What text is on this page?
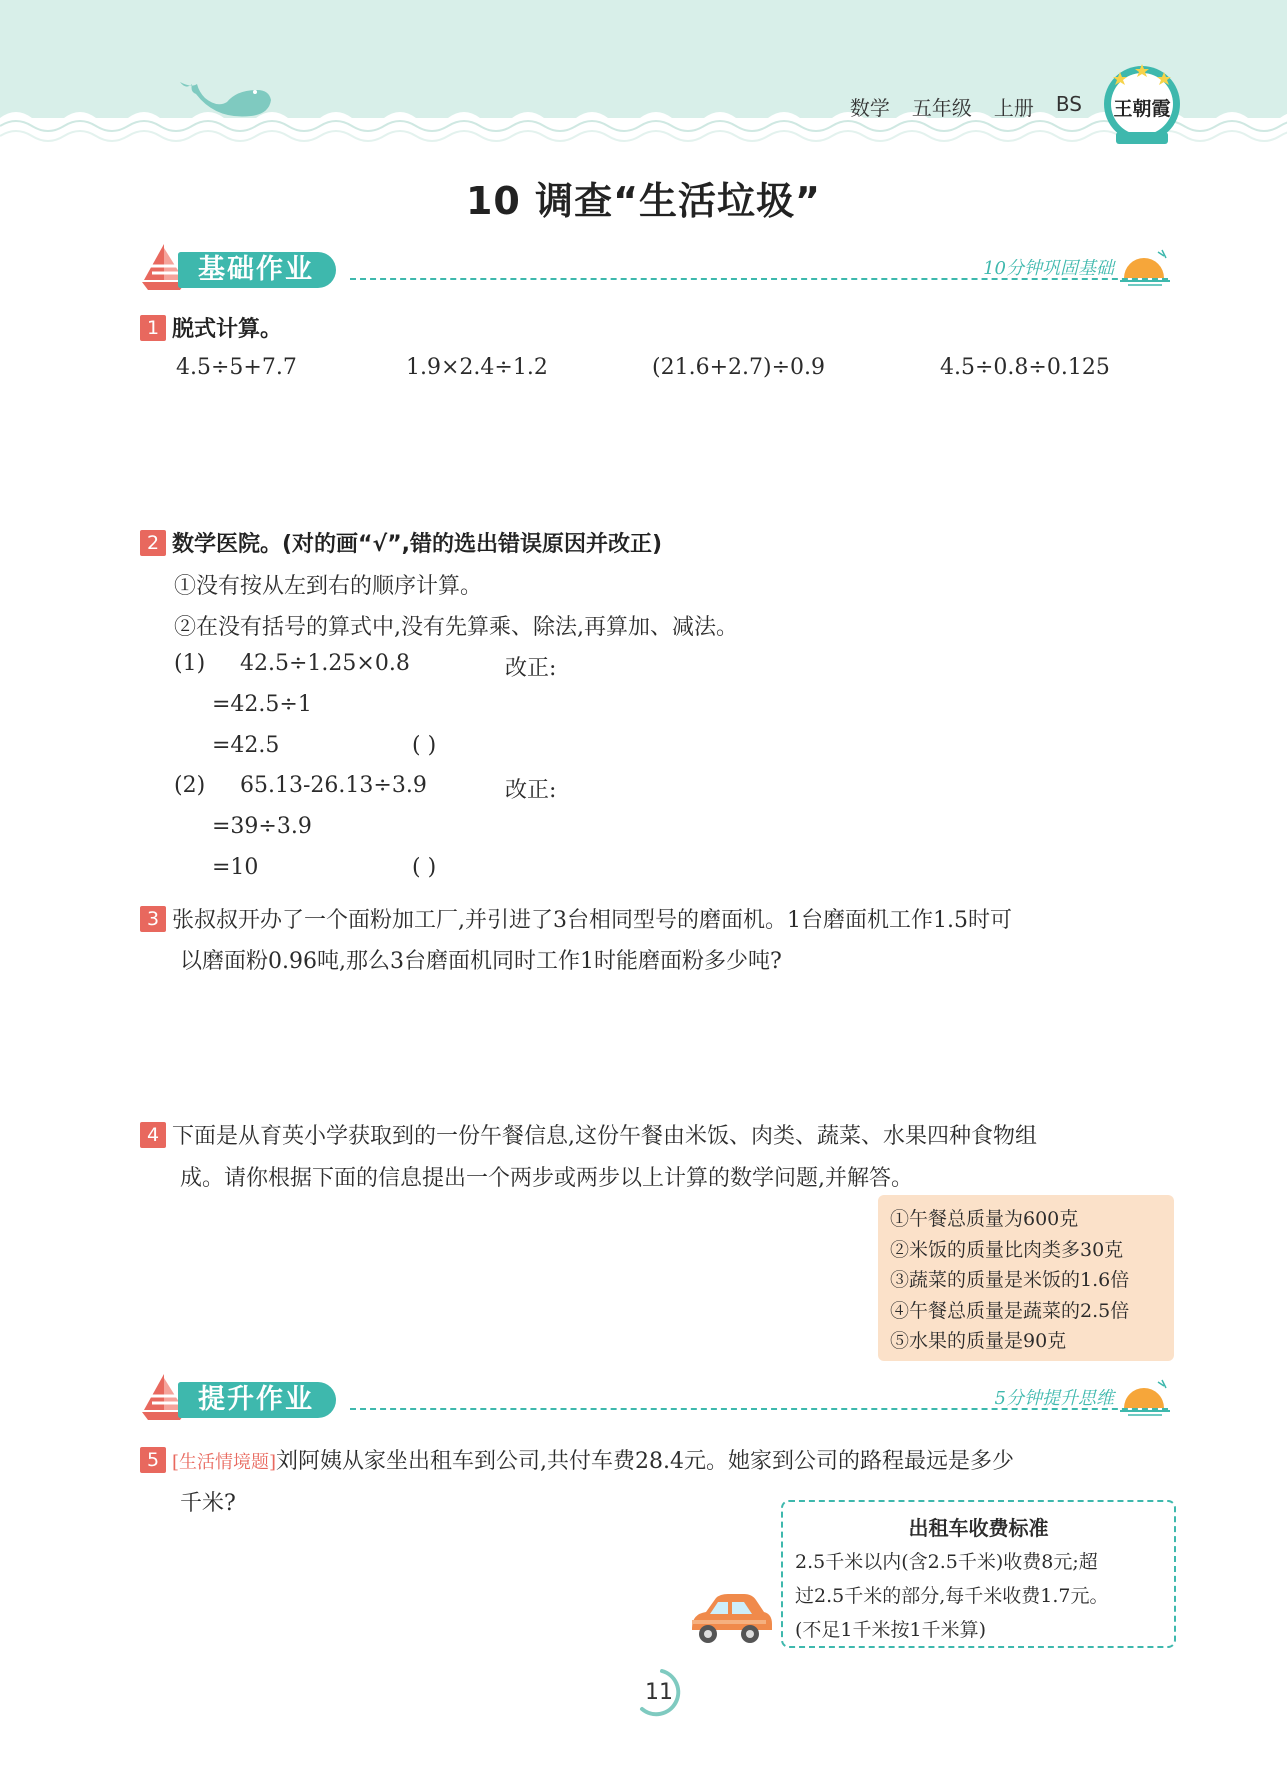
数学 五年级 上册 BS	王朝霞
10 调查“生活垃圾”
基础作业	10分钟巩固基础
1 脱式计算。
4.5÷5+7.7	1.9×2.4÷1.2	(21.6+2.7)÷0.9	4.5÷0.8÷0.125
2 数学医院。(对的画“√”,错的选出错误原因并改正)
①没有按从左到右的顺序计算。
②在没有括号的算式中,没有先算乘、除法,再算加、减法。
(1) 42.5÷1.25×0.8	改正:
=42.5÷1
=42.5	( )
(2) 65.13-26.13÷3.9	改正:
=39÷3.9
=10	( )
3 张叔叔开办了一个面粉加工厂,并引进了3台相同型号的磨面机。1台磨面机工作1.5时可
以磨面粉0.96吨,那么3台磨面机同时工作1时能磨面粉多少吨?
4 下面是从育英小学获取到的一份午餐信息,这份午餐由米饭、肉类、蔬菜、水果四种食物组
成。请你根据下面的信息提出一个两步或两步以上计算的数学问题,并解答。
①午餐总质量为600克
②米饭的质量比肉类多30克
③蔬菜的质量是米饭的1.6倍
④午餐总质量是蔬菜的2.5倍
⑤水果的质量是90克
提升作业	5分钟提升思维
5 [生活情境题]刘阿姨从家坐出租车到公司,共付车费28.4元。她家到公司的路程最远是多少
千米?
出租车收费标准
2.5千米以内(含2.5千米)收费8元;超
过2.5千米的部分,每千米收费1.7元。
(不足1千米按1千米算)
11
